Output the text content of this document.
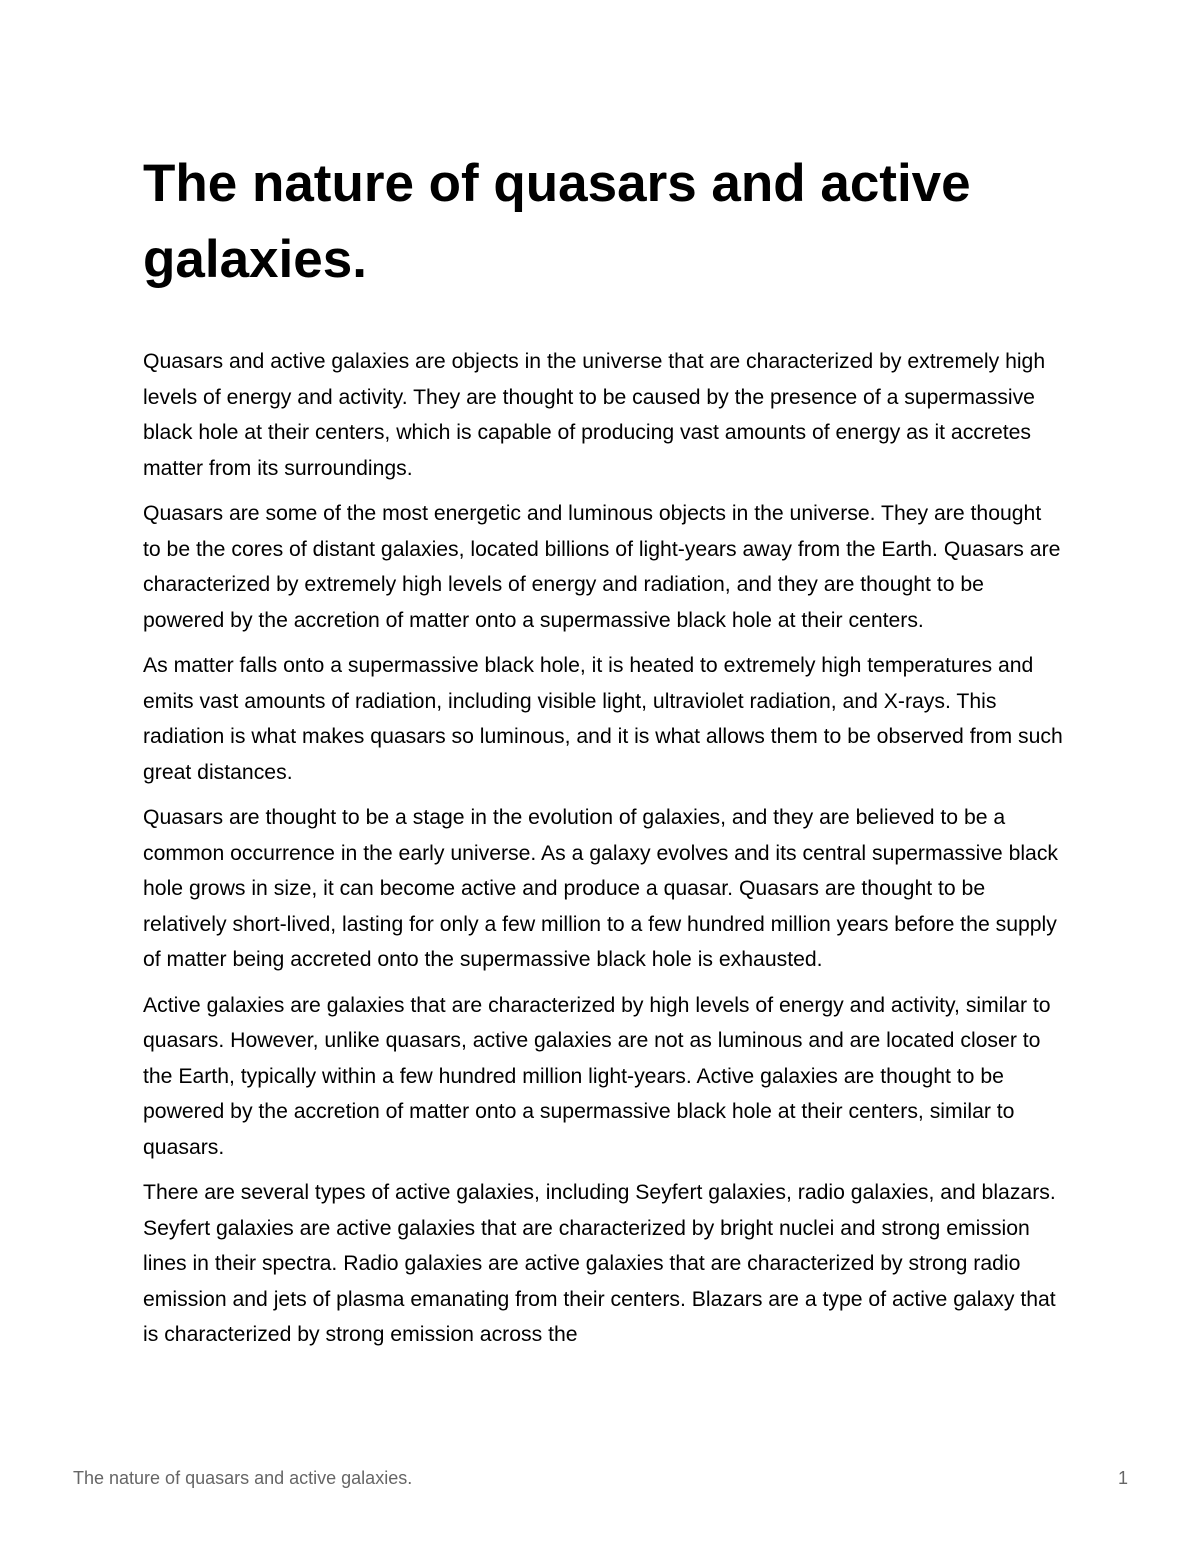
The nature of quasars and active galaxies.

Quasars and active galaxies are objects in the universe that are characterized by extremely high levels of energy and activity. They are thought to be caused by the presence of a supermassive black hole at their centers, which is capable of producing vast amounts of energy as it accretes matter from its surroundings.

Quasars are some of the most energetic and luminous objects in the universe. They are thought to be the cores of distant galaxies, located billions of light-years away from the Earth. Quasars are characterized by extremely high levels of energy and radiation, and they are thought to be powered by the accretion of matter onto a supermassive black hole at their centers.

As matter falls onto a supermassive black hole, it is heated to extremely high temperatures and emits vast amounts of radiation, including visible light, ultraviolet radiation, and X-rays. This radiation is what makes quasars so luminous, and it is what allows them to be observed from such great distances.

Quasars are thought to be a stage in the evolution of galaxies, and they are believed to be a common occurrence in the early universe. As a galaxy evolves and its central supermassive black hole grows in size, it can become active and produce a quasar. Quasars are thought to be relatively short-lived, lasting for only a few million to a few hundred million years before the supply of matter being accreted onto the supermassive black hole is exhausted.

Active galaxies are galaxies that are characterized by high levels of energy and activity, similar to quasars. However, unlike quasars, active galaxies are not as luminous and are located closer to the Earth, typically within a few hundred million light-years. Active galaxies are thought to be powered by the accretion of matter onto a supermassive black hole at their centers, similar to quasars.

There are several types of active galaxies, including Seyfert galaxies, radio galaxies, and blazars. Seyfert galaxies are active galaxies that are characterized by bright nuclei and strong emission lines in their spectra. Radio galaxies are active galaxies that are characterized by strong radio emission and jets of plasma emanating from their centers. Blazars are a type of active galaxy that is characterized by strong emission across the

The nature of quasars and active galaxies.	1
